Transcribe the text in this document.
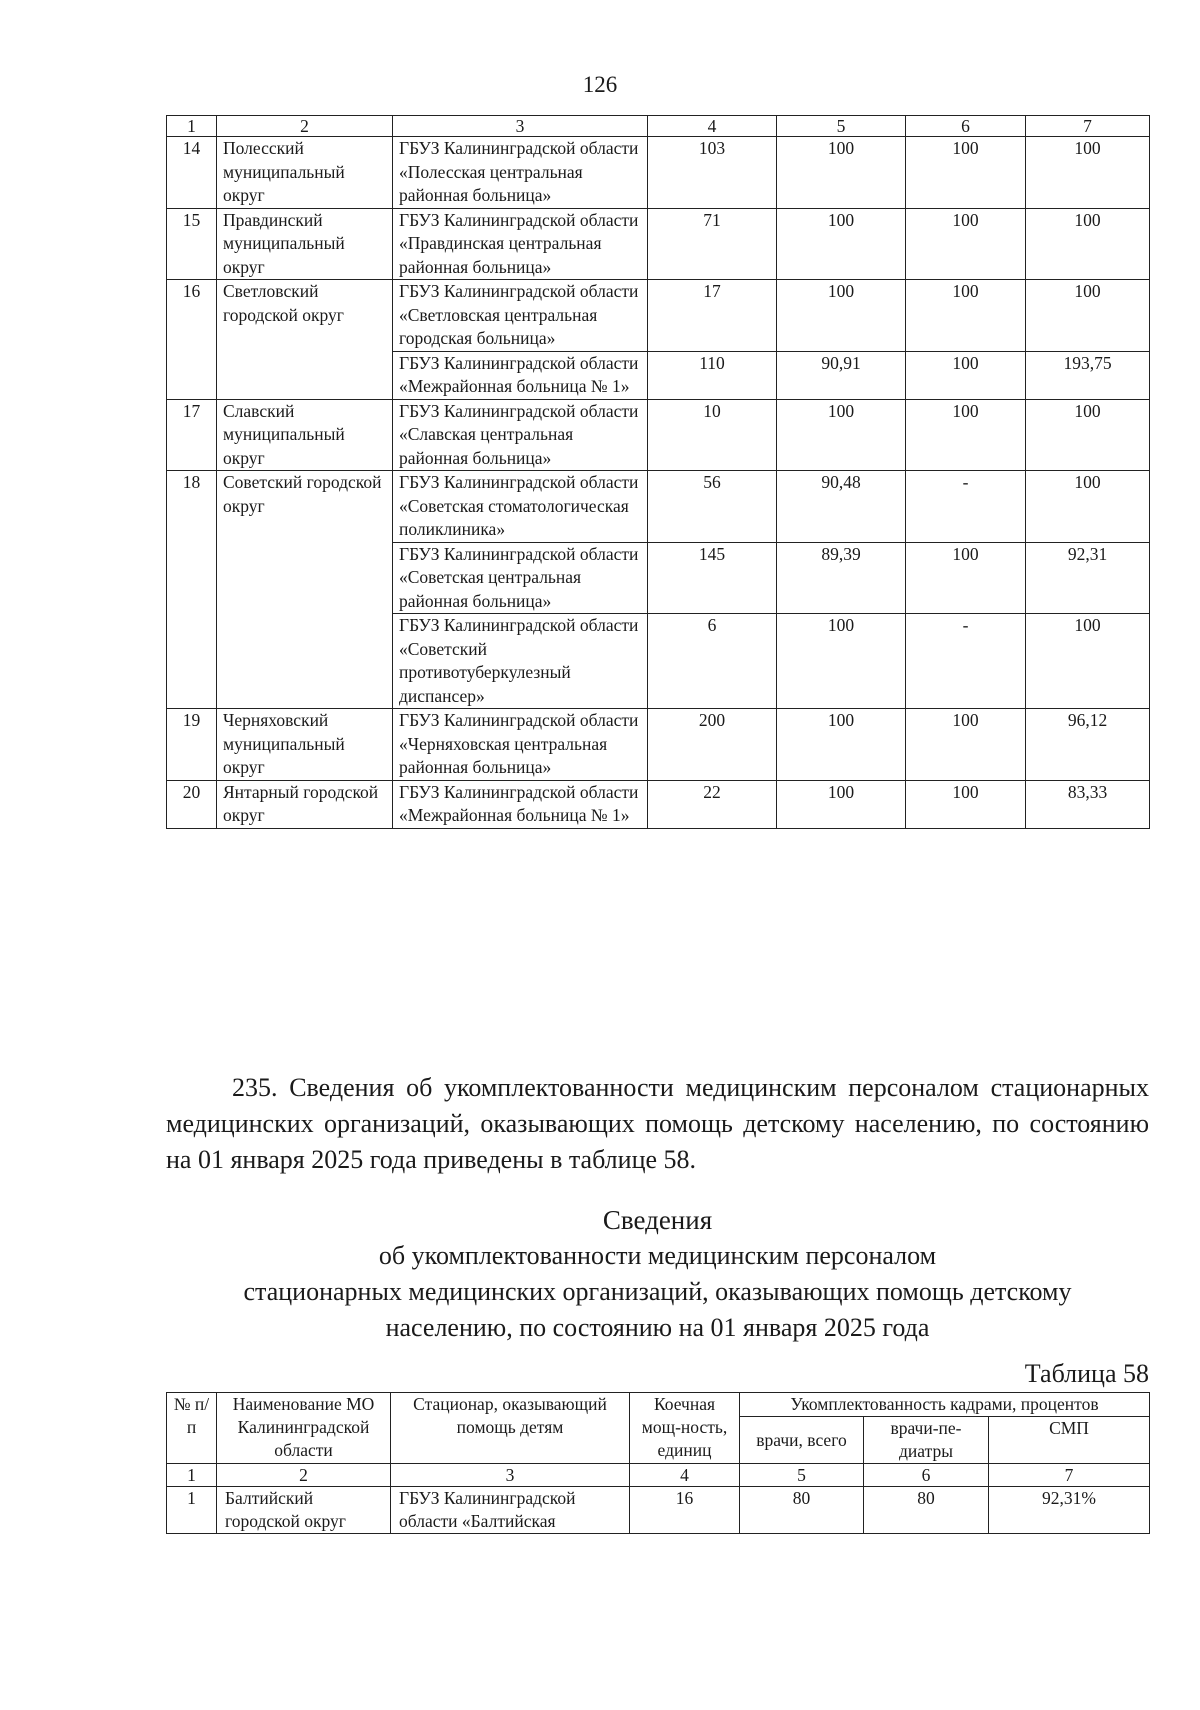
126
1	2	3	4	5	6	7
14	Полесский муниципальный округ	ГБУЗ Калининградской области «Полесская центральная районная больница»	103	100	100	100
15	Правдинский муниципальный округ	ГБУЗ Калининградской области «Правдинская центральная районная больница»	71	100	100	100
16	Светловский городской округ	ГБУЗ Калининградской области «Светловская центральная городская больница»	17	100	100	100
		ГБУЗ Калининградской области «Межрайонная больница № 1»	110	90,91	100	193,75
17	Славский муниципальный округ	ГБУЗ Калининградской области «Славская центральная районная больница»	10	100	100	100
18	Советский городской округ	ГБУЗ Калининградской области «Советская стоматологическая поликлиника»	56	90,48	-	100
		ГБУЗ Калининградской области «Советская центральная районная больница»	145	89,39	100	92,31
		ГБУЗ Калининградской области «Советский противотуберкулезный диспансер»	6	100	-	100
19	Черняховский муниципальный округ	ГБУЗ Калининградской области «Черняховская центральная районная больница»	200	100	100	96,12
20	Янтарный городской округ	ГБУЗ Калининградской области «Межрайонная больница № 1»	22	100	100	83,33
235. Сведения об укомплектованности медицинским персоналом стационарных медицинских организаций, оказывающих помощь детскому населению, по состоянию на 01 января 2025 года приведены в таблице 58.
Сведения
об укомплектованности медицинским персоналом
стационарных медицинских организаций, оказывающих помощь детскому
населению, по состоянию на 01 января 2025 года
Таблица 58
№ п/п	Наименование МО Калининградской области	Стационар, оказывающий помощь детям	Коечная мощ-ность, единиц	Укомплектованность кадрами, процентов		
				врачи, всего	врачи-пе-диатры	СМП
1	2	3	4	5	6	7
1	Балтийский городской округ	ГБУЗ Калининградской области «Балтийская	16	80	80	92,31%
